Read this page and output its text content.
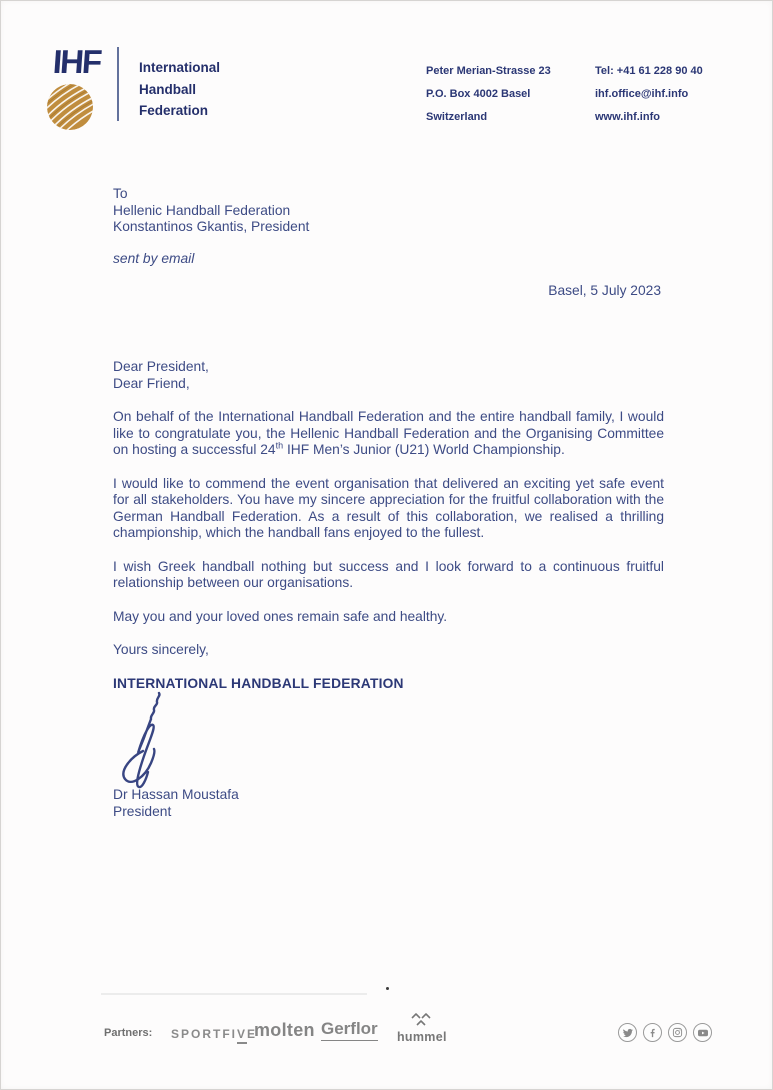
IHF	International
Handball
Federation
Peter Merian-Strasse 23
P.O. Box 4002 Basel
Switzerland
Tel: +41 61 228 90 40
ihf.office@ihf.info
www.ihf.info
To
Hellenic Handball Federation
Konstantinos Gkantis, President
sent by email
Basel, 5 July 2023
Dear President,
Dear Friend,

On behalf of the International Handball Federation and the entire handball family, I would like to congratulate you, the Hellenic Handball Federation and the Organising Committee on hosting a successful 24th IHF Men’s Junior (U21) World Championship.

I would like to commend the event organisation that delivered an exciting yet safe event for all stakeholders. You have my sincere appreciation for the fruitful collaboration with the German Handball Federation. As a result of this collaboration, we realised a thrilling championship, which the handball fans enjoyed to the fullest.

I wish Greek handball nothing but success and I look forward to a continuous fruitful relationship between our organisations.

May you and your loved ones remain safe and healthy.

Yours sincerely,

INTERNATIONAL HANDBALL FEDERATION

Dr Hassan Moustafa
President
Partners: SPORTFIVE
molten Gerflor hummel
